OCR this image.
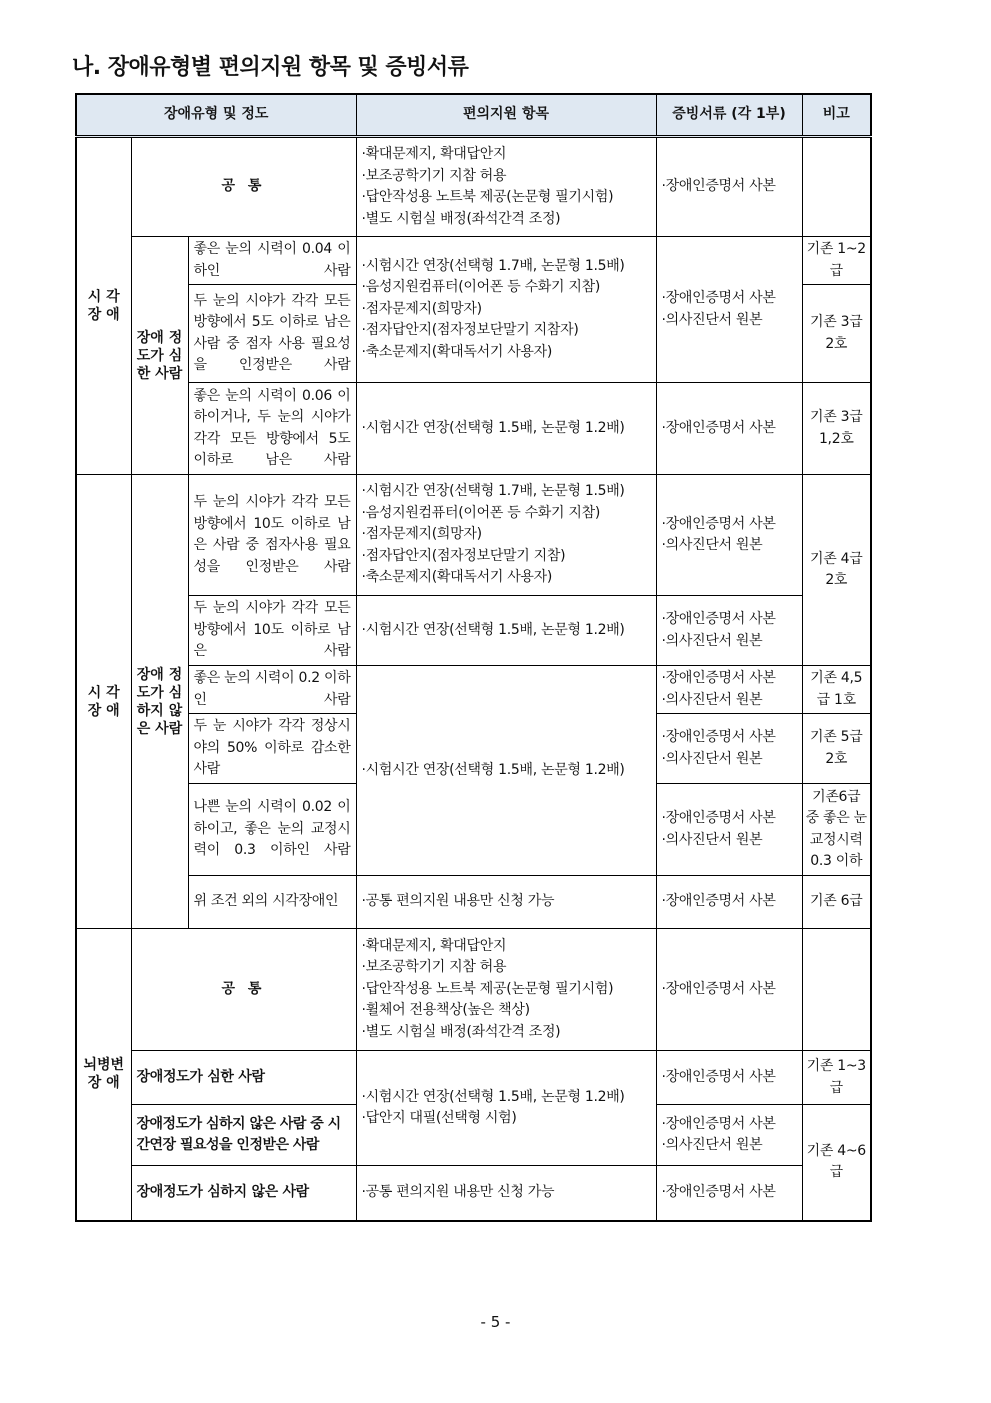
나. 장애유형별 편의지원 항목 및 증빙서류
장애유형 및 정도			편의지원 항목	증빙서류 (각 1부)	비고
시 각 장 애	공 통		·확대문제지, 확대답안지
·보조공학기기 지참 허용
·답안작성용 노트북 제공(논문형 필기시험)
·별도 시험실 배정(좌석간격 조정)	·장애인증명서 사본	

	장애 정도가 심한 사람	좋은 눈의 시력이 0.04 이하인 사람	·시험시간 연장(선택형 1.7배, 논문형 1.5배)
·음성지원컴퓨터(이어폰 등 수화기 지참)
·점자문제지(희망자)
·점자답안지(점자정보단말기 지참자)
·축소문제지(확대독서기 사용자)	·장애인증명서 사본
·의사진단서 원본	기존 1~2급
		두 눈의 시야가 각각 모든 방향에서 5도 이하로 남은 사람 중 점자 사용 필요성을 인정받은 사람			기존 3급 2호
		좋은 눈의 시력이 0.06 이하이거나, 두 눈의 시야가 각각 모든 방향에서 5도 이하로 남은 사람	·시험시간 연장(선택형 1.5배, 논문형 1.2배)	·장애인증명서 사본	기존 3급 1,2호
시 각 장 애	장애 정도가 심하지 않은 사람	두 눈의 시야가 각각 모든 방향에서 10도 이하로 남은 사람 중 점자사용 필요성을 인정받은 사람	·시험시간 연장(선택형 1.7배, 논문형 1.5배)
·음성지원컴퓨터(이어폰 등 수화기 지참)
·점자문제지(희망자)
·점자답안지(점자정보단말기 지참)
·축소문제지(확대독서기 사용자)	·장애인증명서 사본
·의사진단서 원본	기존 4급 2호
		두 눈의 시야가 각각 모든 방향에서 10도 이하로 남은 사람	·시험시간 연장(선택형 1.5배, 논문형 1.2배)	·장애인증명서 사본
·의사진단서 원본	

		좋은 눈의 시력이 0.2 이하인 사람	·시험시간 연장(선택형 1.5배, 논문형 1.2배)	·장애인증명서 사본
·의사진단서 원본	기존 4,5급 1호
		두 눈 시야가 각각 정상시야의 50% 이하로 감소한 사람		·장애인증명서 사본
·의사진단서 원본	기존 5급 2호
		나쁜 눈의 시력이 0.02 이하이고, 좋은 눈의 교정시력이 0.3 이하인 사람		·장애인증명서 사본
·의사진단서 원본	기존6급 중 좋은 눈 교정시력 0.3 이하
		위 조건 외의 시각장애인	·공통 편의지원 내용만 신청 가능	·장애인증명서 사본	기존 6급
뇌병변 장 애	공 통		·확대문제지, 확대답안지
·보조공학기기 지참 허용
·답안작성용 노트북 제공(논문형 필기시험)
·휠체어 전용책상(높은 책상)
·별도 시험실 배정(좌석간격 조정)	·장애인증명서 사본	

	장애정도가 심한 사람		·시험시간 연장(선택형 1.5배, 논문형 1.2배)
·답안지 대필(선택형 시험)	·장애인증명서 사본	기존 1~3급
	장애정도가 심하지 않은 사람 중 시간연장 필요성을 인정받은 사람			·장애인증명서 사본
·의사진단서 원본	기존 4~6급
	장애정도가 심하지 않은 사람		·공통 편의지원 내용만 신청 가능	·장애인증명서 사본	
- 5 -
